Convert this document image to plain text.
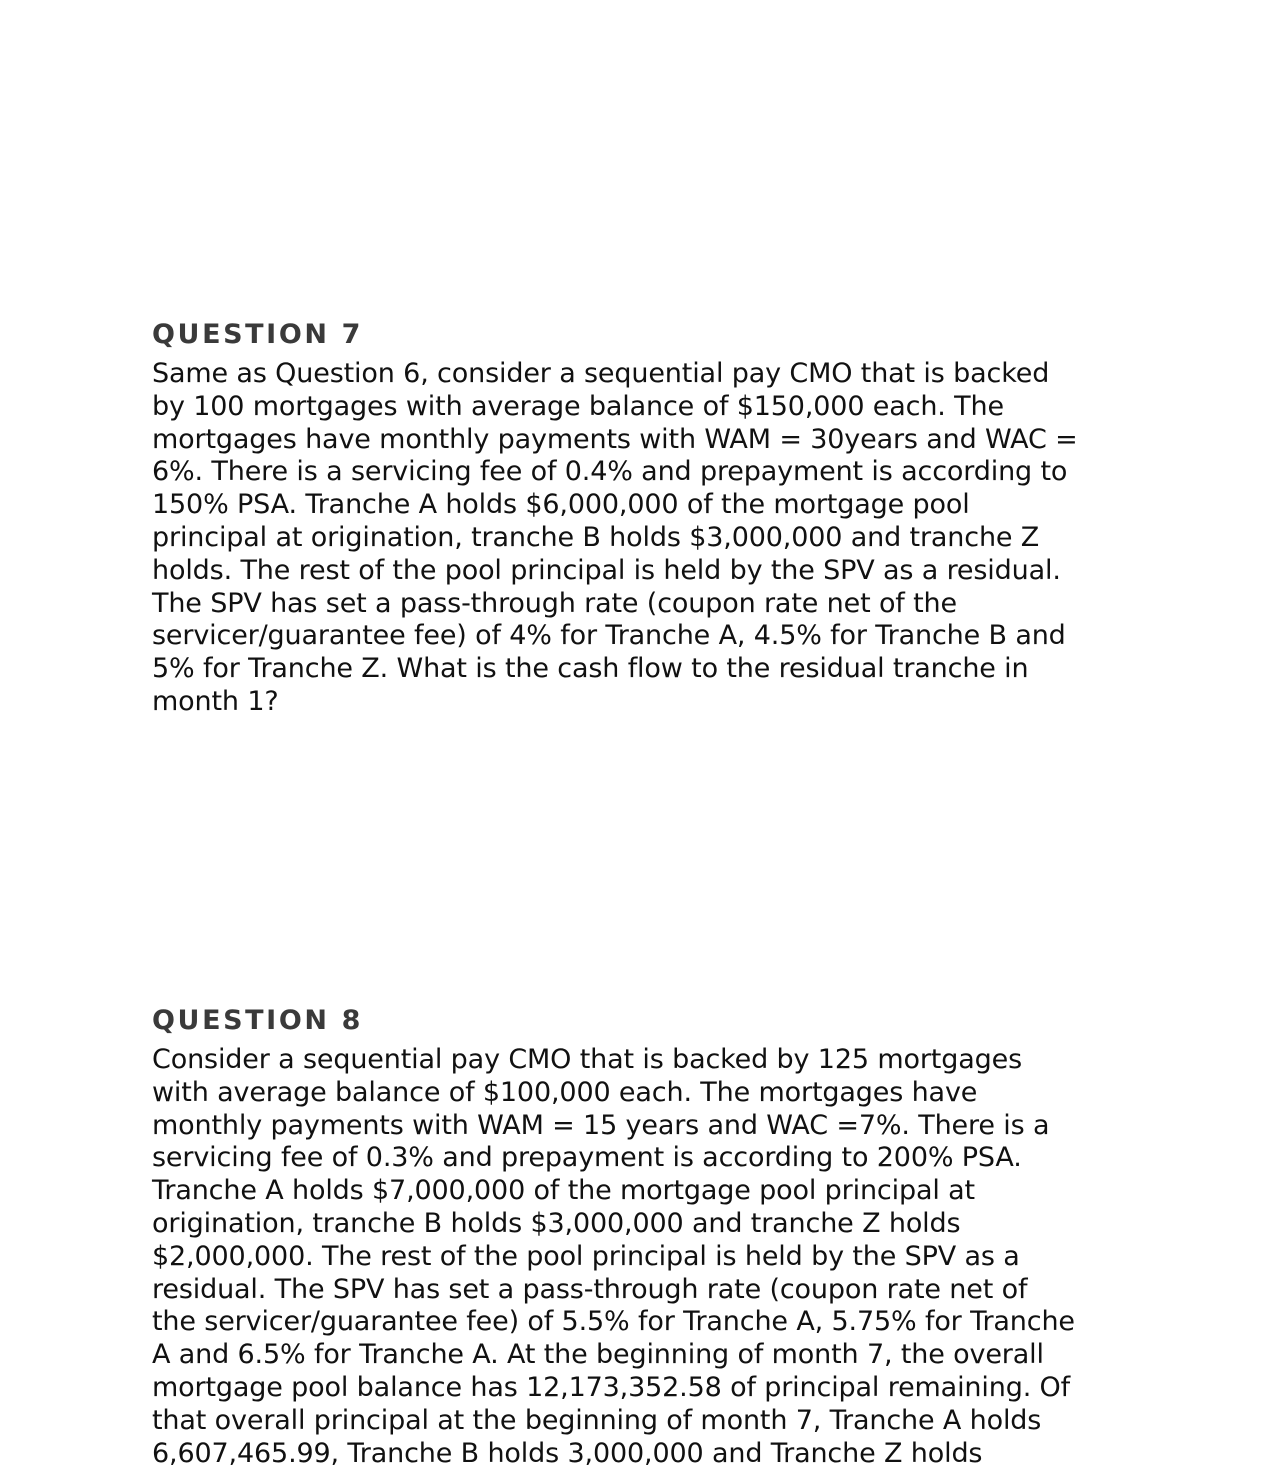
QUESTION 7
Same as Question 6, consider a sequential pay CMO that is backed
by 100 mortgages with average balance of $150,000 each. The
mortgages have monthly payments with WAM = 30years and WAC =
6%. There is a servicing fee of 0.4% and prepayment is according to
150% PSA. Tranche A holds $6,000,000 of the mortgage pool
principal at origination, tranche B holds $3,000,000 and tranche Z
holds. The rest of the pool principal is held by the SPV as a residual.
The SPV has set a pass-through rate (coupon rate net of the
servicer/guarantee fee) of 4% for Tranche A, 4.5% for Tranche B and
5% for Tranche Z. What is the cash flow to the residual tranche in
month 1?
QUESTION 8
Consider a sequential pay CMO that is backed by 125 mortgages
with average balance of $100,000 each. The mortgages have
monthly payments with WAM = 15 years and WAC =7%. There is a
servicing fee of 0.3% and prepayment is according to 200% PSA.
Tranche A holds $7,000,000 of the mortgage pool principal at
origination, tranche B holds $3,000,000 and tranche Z holds
$2,000,000. The rest of the pool principal is held by the SPV as a
residual. The SPV has set a pass-through rate (coupon rate net of
the servicer/guarantee fee) of 5.5% for Tranche A, 5.75% for Tranche
A and 6.5% for Tranche A. At the beginning of month 7, the overall
mortgage pool balance has 12,173,352.58 of principal remaining. Of
that overall principal at the beginning of month 7, Tranche A holds
6,607,465.99, Tranche B holds 3,000,000 and Tranche Z holds
